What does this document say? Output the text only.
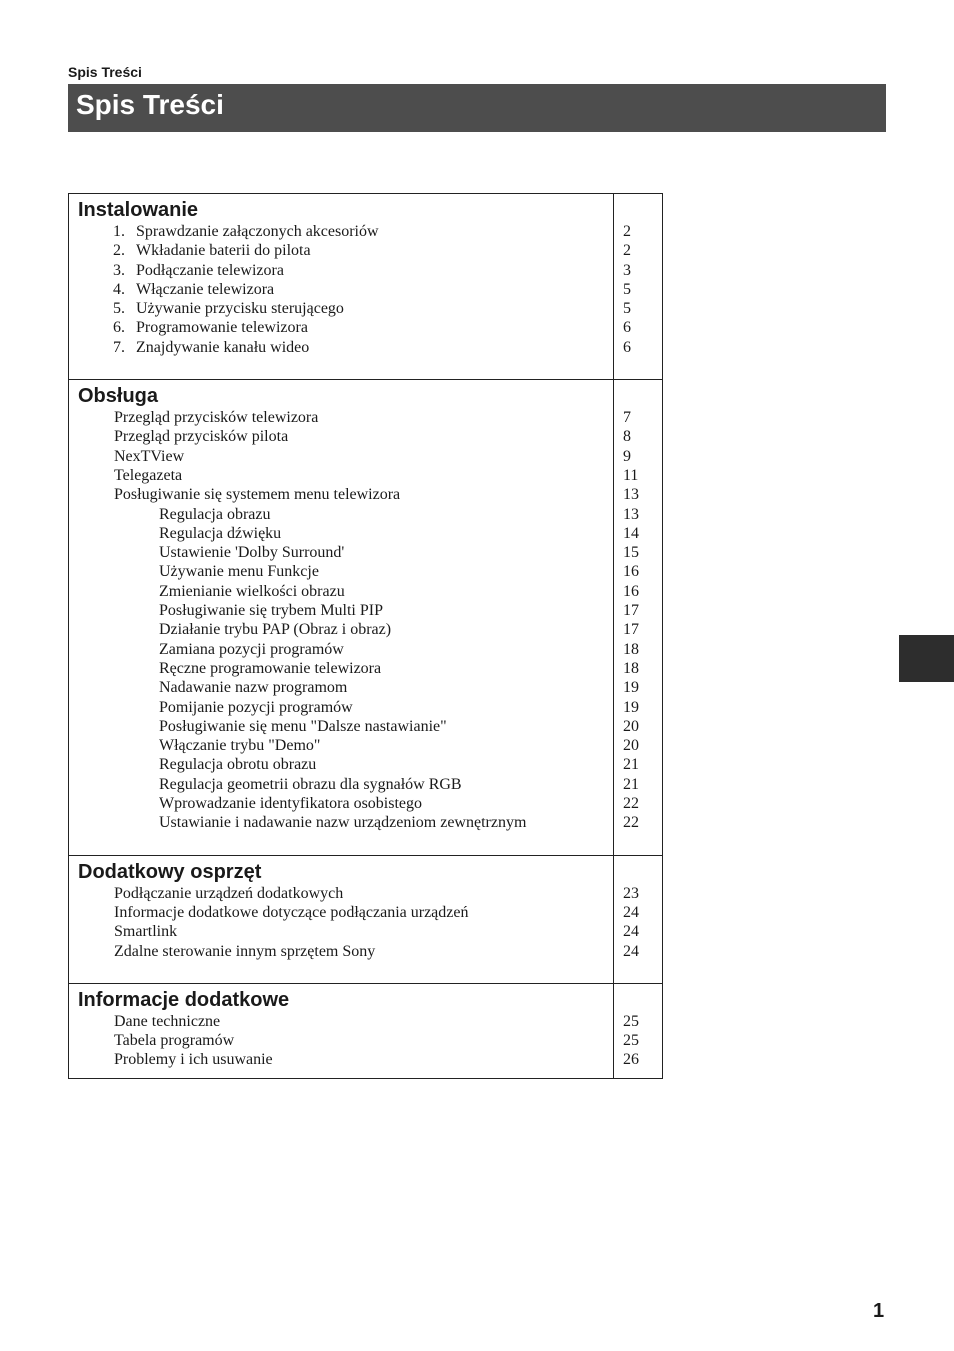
Spis Treści
Spis Treści
Instalowanie
1. Sprawdzanie załączonych akcesoriów	2
2. Wkładanie baterii do pilota	2
3. Podłączanie telewizora	3
4. Włączanie telewizora	5
5. Używanie przycisku sterującego	5
6. Programowanie telewizora	6
7. Znajdywanie kanału wideo	6
Obsługa
Przegląd przycisków telewizora	7
Przegląd przycisków pilota	8
NexTView	9
Telegazeta	11
Posługiwanie się systemem menu telewizora	13
Regulacja obrazu	13
Regulacja dźwięku	14
Ustawienie 'Dolby Surround'	15
Używanie menu Funkcje	16
Zmienianie wielkości obrazu	16
Posługiwanie się trybem Multi PIP	17
Działanie trybu PAP (Obraz i obraz)	17
Zamiana pozycji programów	18
Ręczne programowanie telewizora	18
Nadawanie nazw programom	19
Pomijanie pozycji programów	19
Posługiwanie się menu "Dalsze nastawianie"	20
Włączanie trybu "Demo"	20
Regulacja obrotu obrazu	21
Regulacja geometrii obrazu dla sygnałów RGB	21
Wprowadzanie identyfikatora osobistego	22
Ustawianie i nadawanie nazw urządzeniom zewnętrznym	22
Dodatkowy osprzęt
Podłączanie urządzeń dodatkowych	23
Informacje dodatkowe dotyczące podłączania urządzeń	24
Smartlink	24
Zdalne sterowanie innym sprzętem Sony	24
Informacje dodatkowe
Dane techniczne	25
Tabela programów	25
Problemy i ich usuwanie	26
1
